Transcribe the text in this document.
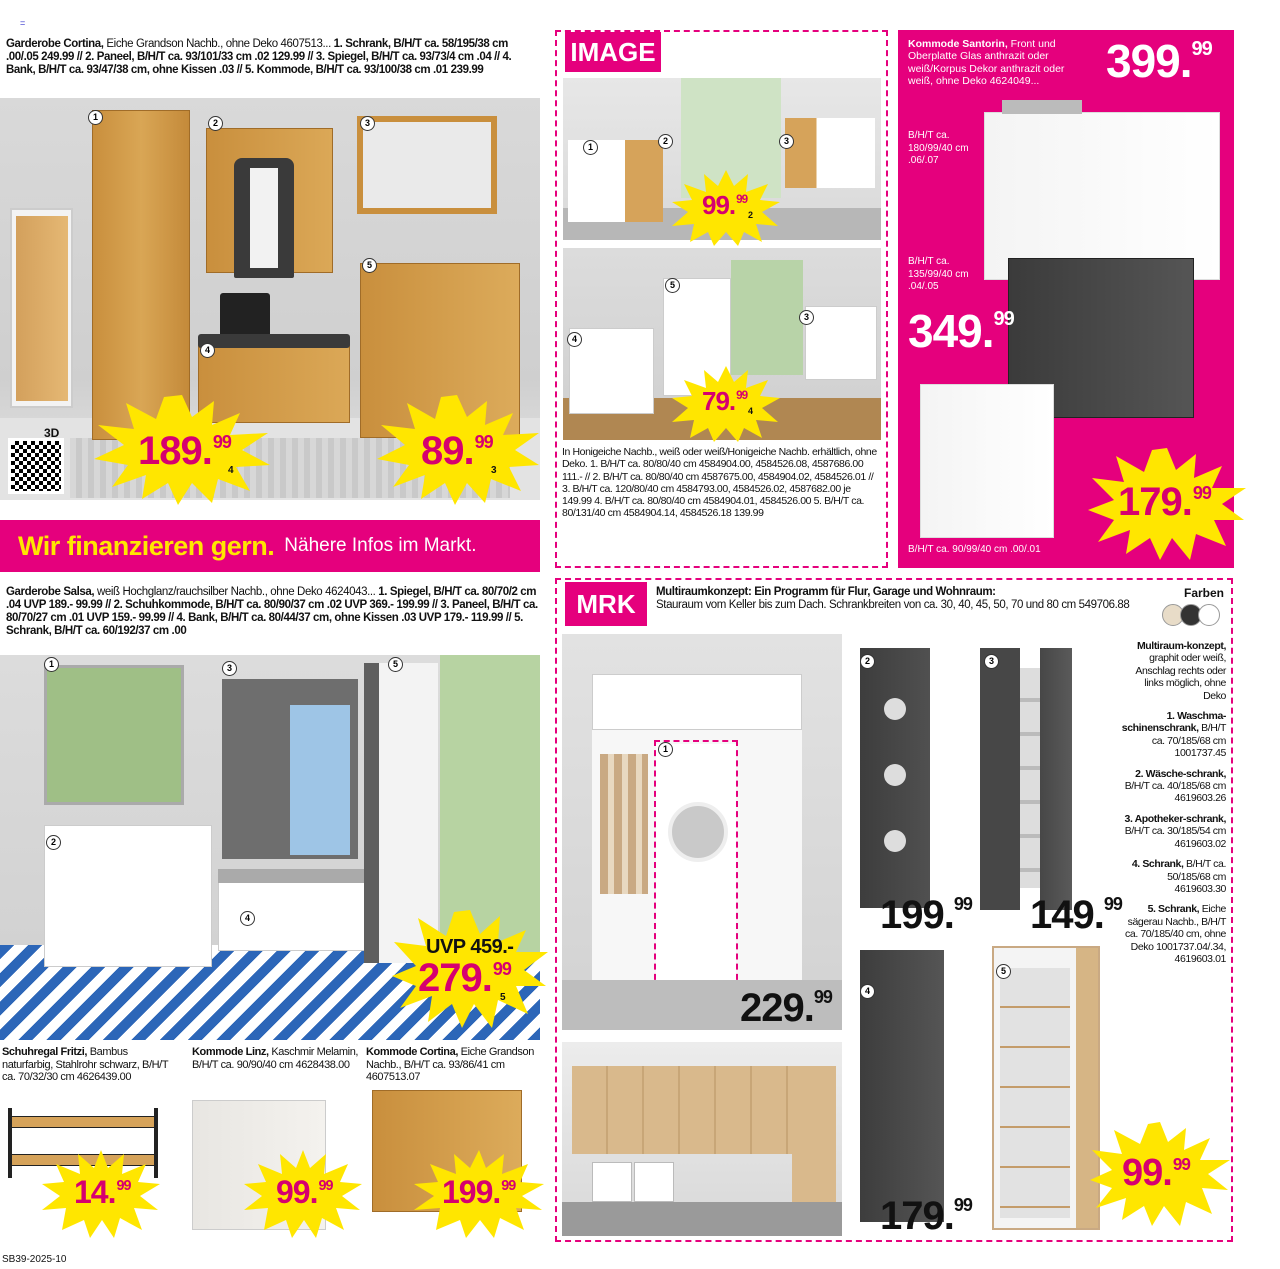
=
Garderobe Cortina, Eiche Grandson Nachb., ohne Deko 4607513... 1. Schrank, B/H/T ca. 58/195/38 cm .00/.05 249.99 // 2. Paneel, B/H/T ca. 93/101/33 cm .02 129.99 // 3. Spiegel, B/H/T ca. 93/73/4 cm .04 // 4. Bank, B/H/T ca. 93/47/38 cm, ohne Kissen .03 // 5. Kommode, B/H/T ca. 93/100/38 cm .01 239.99
3D
1
2	3
4
5
189.99
4	89.99
3
Wir finanzieren gern. Nähere Infos im Markt.
IMAGE
1
2	3
4
5
3
99.99
2
79.99
4
In Honigeiche Nachb., weiß oder weiß/Honigeiche Nachb. erhältlich, ohne Deko. 1. B/H/T ca. 80/80/40 cm 4584904.00, 4584526.08, 4587686.00 111.- // 2. B/H/T ca. 80/80/40 cm 4587675.00, 4584904.02, 4584526.01 // 3. B/H/T ca. 120/80/40 cm 4584793.00, 4584526.02, 4587682.00 je 149.99 4. B/H/T ca. 80/80/40 cm 4584904.01, 4584526.00 5. B/H/T ca. 80/131/40 cm 4584904.14, 4584526.18 139.99
Kommode Santorin, Front und Oberplatte Glas anthrazit oder weiß/Korpus Dekor anthrazit oder weiß, ohne Deko 4624049...	399.99
B/H/T ca. 180/99/40 cm .06/.07
B/H/T ca. 135/99/40 cm .04/.05
349.99
B/H/T ca. 90/99/40 cm .00/.01
179.99
Garderobe Salsa, weiß Hochglanz/rauchsilber Nachb., ohne Deko 4624043... 1. Spiegel, B/H/T ca. 80/70/2 cm .04 UVP 189.- 99.99 // 2. Schuhkommode, B/H/T ca. 80/90/37 cm .02 UVP 369.- 199.99 // 3. Paneel, B/H/T ca. 80/70/27 cm .01 UVP 159.- 99.99 // 4. Bank, B/H/T ca. 80/44/37 cm, ohne Kissen .03 UVP 179.- 119.99 // 5. Schrank, B/H/T ca. 60/192/37 cm .00
1
2
3
4
5
UVP 459.-
279.99
5
Schuhregal Fritzi, Bambus naturfarbig, Stahlrohr schwarz, B/H/T ca. 70/32/30 cm 4626439.00
14.99
Kommode Linz, Kaschmir Melamin, B/H/T ca. 90/90/40 cm 4628438.00
99.99
Kommode Cortina, Eiche Grandson Nachb., B/H/T ca. 93/86/41 cm 4607513.07
199.99
MRK	Multiraumkonzept: Ein Programm für Flur, Garage und Wohnraum:
Stauraum vom Keller bis zum Dach. Schrankbreiten von ca. 30, 40, 45, 50, 70 und 80 cm 549706.88
Farben
1
229.99
2
199.99
3
149.99
4
179.99
5
99.99
Multiraum-konzept, graphit oder weiß, Anschlag rechts oder links möglich, ohne Deko
1. Waschma-schinenschrank, B/H/T ca. 70/185/68 cm 1001737.45
2. Wäsche-schrank, B/H/T ca. 40/185/68 cm 4619603.26
3. Apotheker-schrank, B/H/T ca. 30/185/54 cm 4619603.02
4. Schrank, B/H/T ca. 50/185/68 cm 4619603.30
5. Schrank, Eiche sägerau Nachb., B/H/T ca. 70/185/40 cm, ohne Deko 1001737.04/.34, 4619603.01
SB39-2025-10
